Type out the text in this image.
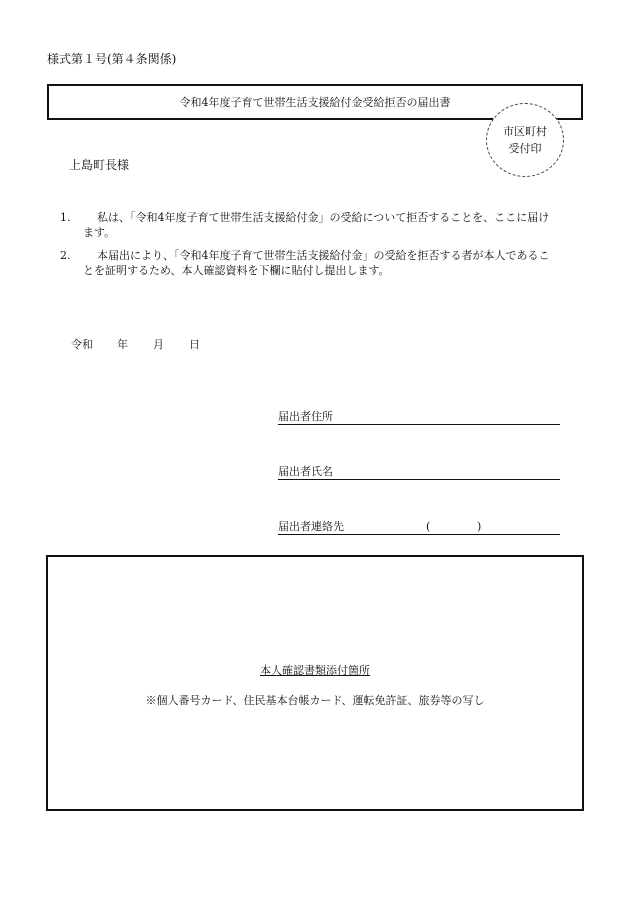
様式第１号(第４条関係)
令和4年度子育て世帯生活支援給付金受給拒否の届出書
市区町村
受付印
上島町長様
1.	私は、「令和4年度子育て世帯生活支援給付金」の受給について拒否することを、ここに届けます。
2.	本届出により、「令和4年度子育て世帯生活支援給付金」の受給を拒否する者が本人であることを証明するため、本人確認資料を下欄に貼付し提出します。
令和 年 月 日
届出者住所
届出者氏名
届出者連絡先	(	)
本人確認書類添付箇所
※個人番号カード、住民基本台帳カード、運転免許証、旅券等の写し
